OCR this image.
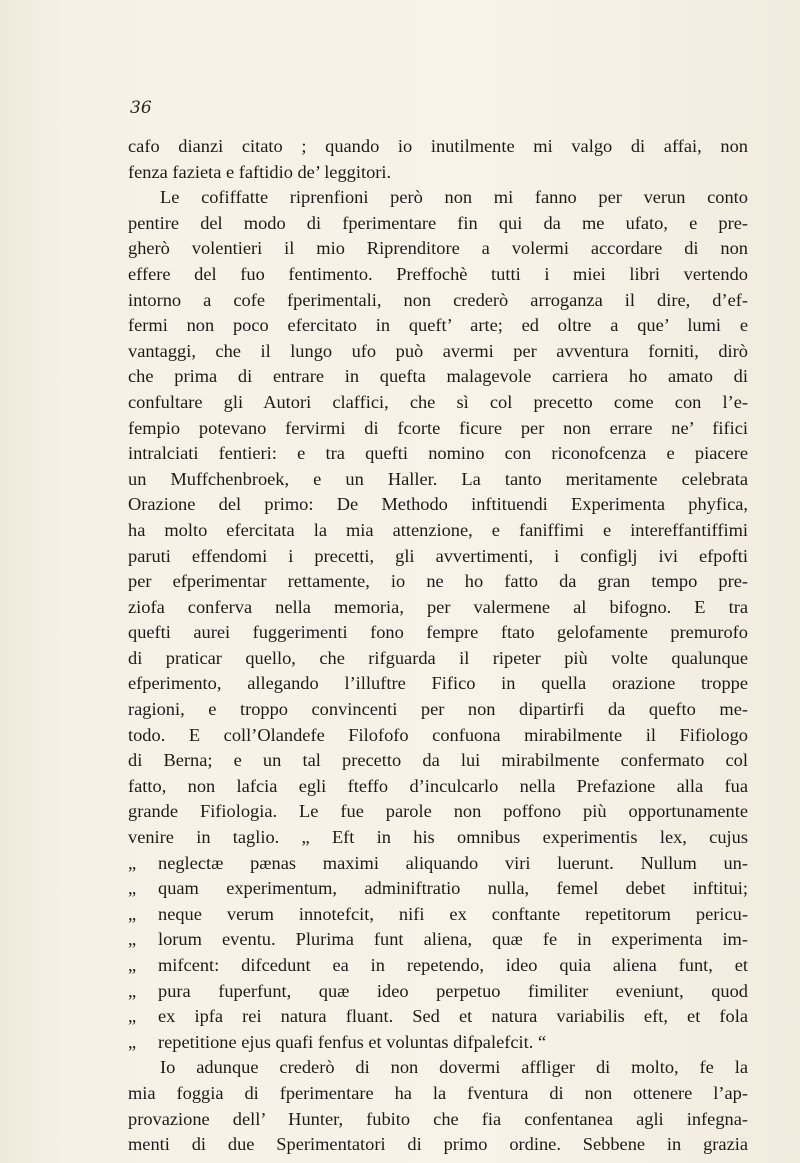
36
cafo dianzi citato ; quando io inutilmente mi valgo di affai, non
fenza fazieta e faftidio de’ leggitori.
Le cofiffatte riprenfioni però non mi fanno per verun conto
pentire del modo di fperimentare fin qui da me ufato, e pre-
gherò volentieri il mio Riprenditore a volermi accordare di non
effere del fuo fentimento. Preffochè tutti i miei libri vertendo
intorno a cofe fperimentali, non crederò arroganza il dire, d’ef-
fermi non poco efercitato in queft’ arte; ed oltre a que’ lumi e
vantaggi, che il lungo ufo può avermi per avventura forniti, dirò
che prima di entrare in quefta malagevole carriera ho amato di
confultare gli Autori claffici, che sì col precetto come con l’e-
fempio potevano fervirmi di fcorte ficure per non errare ne’ fifici
intralciati fentieri: e tra quefti nomino con riconofcenza e piacere
un Muffchenbroek, e un Haller. La tanto meritamente celebrata
Orazione del primo: De Methodo inftituendi Experimenta phyfica,
ha molto efercitata la mia attenzione, e faniffimi e intereffantiffimi
paruti effendomi i precetti, gli avvertimenti, i configlj ivi efpofti
per efperimentar rettamente, io ne ho fatto da gran tempo pre-
ziofa conferva nella memoria, per valermene al bifogno. E tra
quefti aurei fuggerimenti fono fempre ftato gelofamente premurofo
di praticar quello, che rifguarda il ripeter più volte qualunque
efperimento, allegando l’illuftre Fifico in quella orazione troppe
ragioni, e troppo convincenti per non dipartirfi da quefto me-
todo. E coll’Olandefe Filofofo confuona mirabilmente il Fifiologo
di Berna; e un tal precetto da lui mirabilmente confermato col
fatto, non lafcia egli fteffo d’inculcarlo nella Prefazione alla fua
grande Fifiologia. Le fue parole non poffono più opportunamente
venire in taglio. „ Eft in his omnibus experimentis lex, cujus
„ neglectæ pænas maximi aliquando viri luerunt. Nullum un-
„ quam experimentum, adminiftratio nulla, femel debet inftitui;
„ neque verum innotefcit, nifi ex conftante repetitorum pericu-
„ lorum eventu. Plurima funt aliena, quæ fe in experimenta im-
„ mifcent: difcedunt ea in repetendo, ideo quia aliena funt, et
„ pura fuperfunt, quæ ideo perpetuo fimiliter eveniunt, quod
„ ex ipfa rei natura fluant. Sed et natura variabilis eft, et fola
„ repetitione ejus quafi fenfus et voluntas difpalefcit. “
Io adunque crederò di non dovermi affliger di molto, fe la
mia foggia di fperimentare ha la fventura di non ottenere l’ap-
provazione dell’ Hunter, fubito che fia confentanea agli infegna-
menti di due Sperimentatori di primo ordine. Sebbene in grazia
